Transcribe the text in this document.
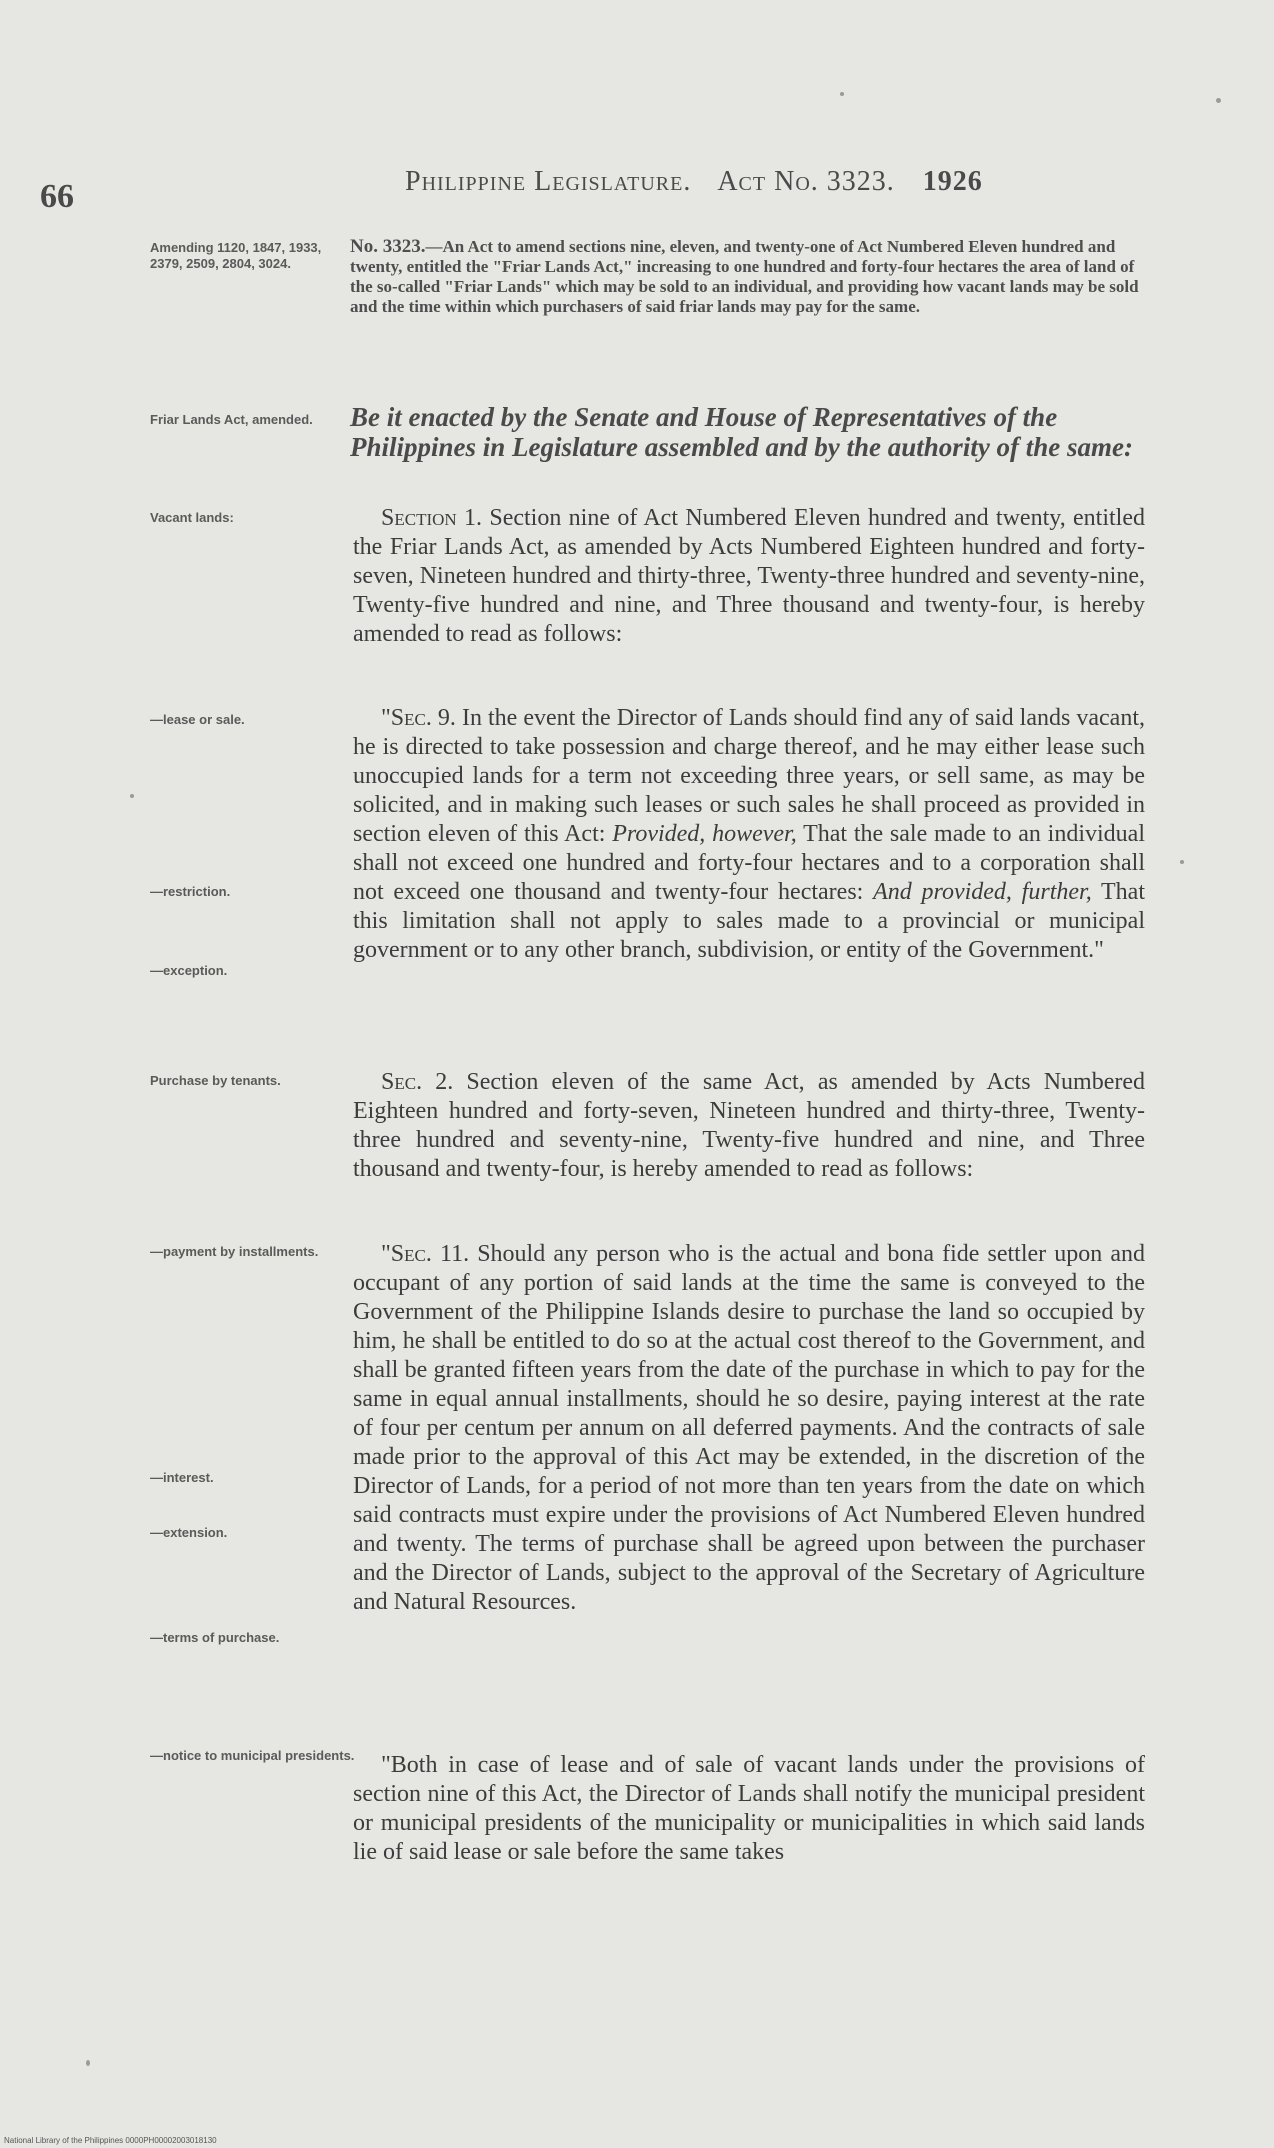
66	Philippine Legislature. Act No. 3323. 1926
Amending 1120, 1847, 1933, 2379, 2509, 2804, 3024.
Friar Lands Act, amended.
Vacant lands:
—lease or sale.
—restriction.
—exception.
Purchase by tenants.
—payment by installments.
—interest.
—extension.
—terms of purchase.
—notice to municipal presidents.
No. 3323.—An Act to amend sections nine, eleven, and twenty-one of Act Numbered Eleven hundred and twenty, entitled the "Friar Lands Act," increasing to one hundred and forty-four hectares the area of land of the so-called "Friar Lands" which may be sold to an individual, and providing how vacant lands may be sold and the time within which purchasers of said friar lands may pay for the same.
Be it enacted by the Senate and House of Representatives of the Philippines in Legislature assembled and by the authority of the same:
Section 1. Section nine of Act Numbered Eleven hundred and twenty, entitled the Friar Lands Act, as amended by Acts Numbered Eighteen hundred and forty-seven, Nineteen hundred and thirty-three, Twenty-three hundred and seventy-nine, Twenty-five hundred and nine, and Three thousand and twenty-four, is hereby amended to read as follows:
"Sec. 9. In the event the Director of Lands should find any of said lands vacant, he is directed to take possession and charge thereof, and he may either lease such unoccupied lands for a term not exceeding three years, or sell same, as may be solicited, and in making such leases or such sales he shall proceed as provided in section eleven of this Act: Provided, however, That the sale made to an individual shall not exceed one hundred and forty-four hectares and to a corporation shall not exceed one thousand and twenty-four hectares: And provided, further, That this limitation shall not apply to sales made to a provincial or municipal government or to any other branch, subdivision, or entity of the Government."
Sec. 2. Section eleven of the same Act, as amended by Acts Numbered Eighteen hundred and forty-seven, Nineteen hundred and thirty-three, Twenty-three hundred and seventy-nine, Twenty-five hundred and nine, and Three thousand and twenty-four, is hereby amended to read as follows:
"Sec. 11. Should any person who is the actual and bona fide settler upon and occupant of any portion of said lands at the time the same is conveyed to the Government of the Philippine Islands desire to purchase the land so occupied by him, he shall be entitled to do so at the actual cost thereof to the Government, and shall be granted fifteen years from the date of the purchase in which to pay for the same in equal annual installments, should he so desire, paying interest at the rate of four per centum per annum on all deferred payments. And the contracts of sale made prior to the approval of this Act may be extended, in the discretion of the Director of Lands, for a period of not more than ten years from the date on which said contracts must expire under the provisions of Act Numbered Eleven hundred and twenty. The terms of purchase shall be agreed upon between the purchaser and the Director of Lands, subject to the approval of the Secretary of Agriculture and Natural Resources.
"Both in case of lease and of sale of vacant lands under the provisions of section nine of this Act, the Director of Lands shall notify the municipal president or municipal presidents of the municipality or municipalities in which said lands lie of said lease or sale before the same takes
National Library of the Philippines 0000PH00002003018130
